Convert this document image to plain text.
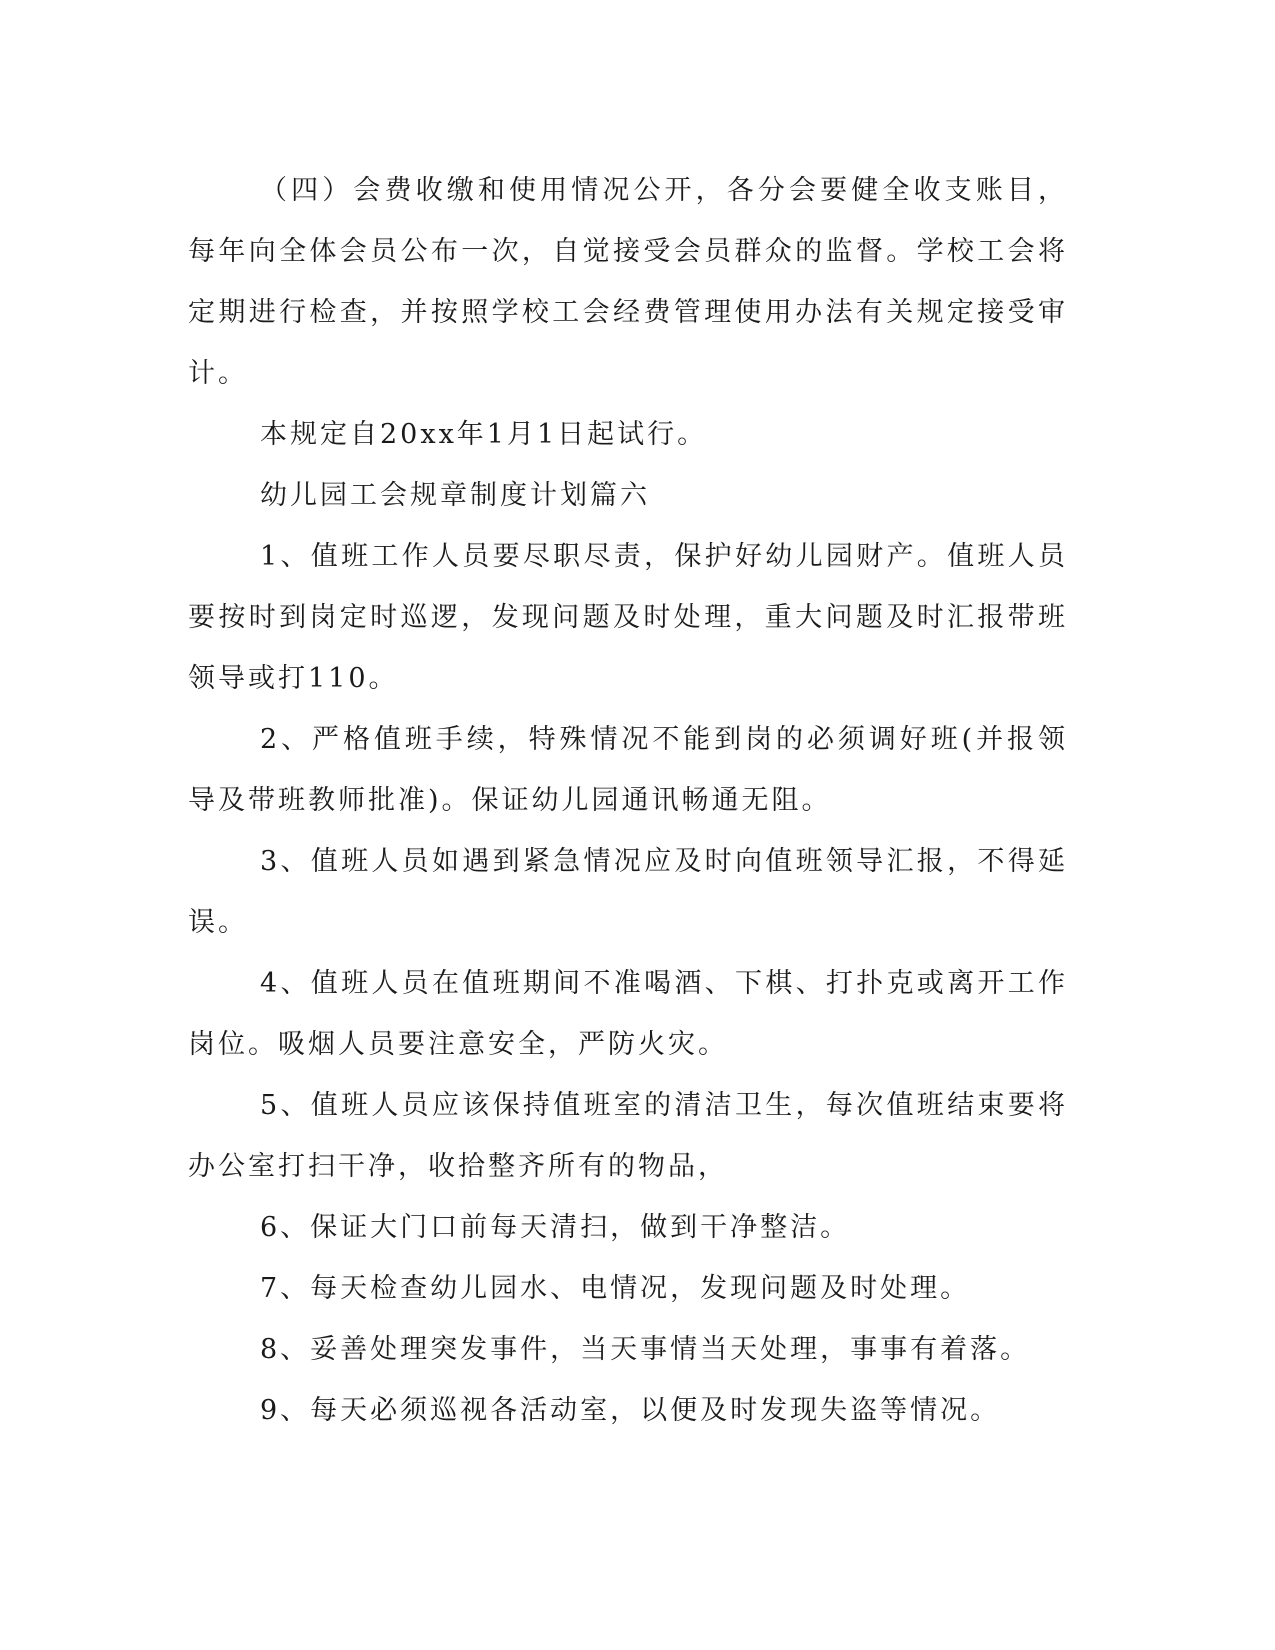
（四）会费收缴和使用情况公开，各分会要健全收支账目，每年向全体会员公布一次，自觉接受会员群众的监督。学校工会将定期进行检查，并按照学校工会经费管理使用办法有关规定接受审计。

本规定自20xx年1月1日起试行。

幼儿园工会规章制度计划篇六

1、值班工作人员要尽职尽责，保护好幼儿园财产。值班人员要按时到岗定时巡逻，发现问题及时处理，重大问题及时汇报带班领导或打110。

2、严格值班手续，特殊情况不能到岗的必须调好班(并报领导及带班教师批准)。保证幼儿园通讯畅通无阻。

3、值班人员如遇到紧急情况应及时向值班领导汇报，不得延误。

4、值班人员在值班期间不准喝酒、下棋、打扑克或离开工作岗位。吸烟人员要注意安全，严防火灾。

5、值班人员应该保持值班室的清洁卫生，每次值班结束要将办公室打扫干净，收拾整齐所有的物品，

6、保证大门口前每天清扫，做到干净整洁。

7、每天检查幼儿园水、电情况，发现问题及时处理。

8、妥善处理突发事件，当天事情当天处理，事事有着落。

9、每天必须巡视各活动室，以便及时发现失盗等情况。
